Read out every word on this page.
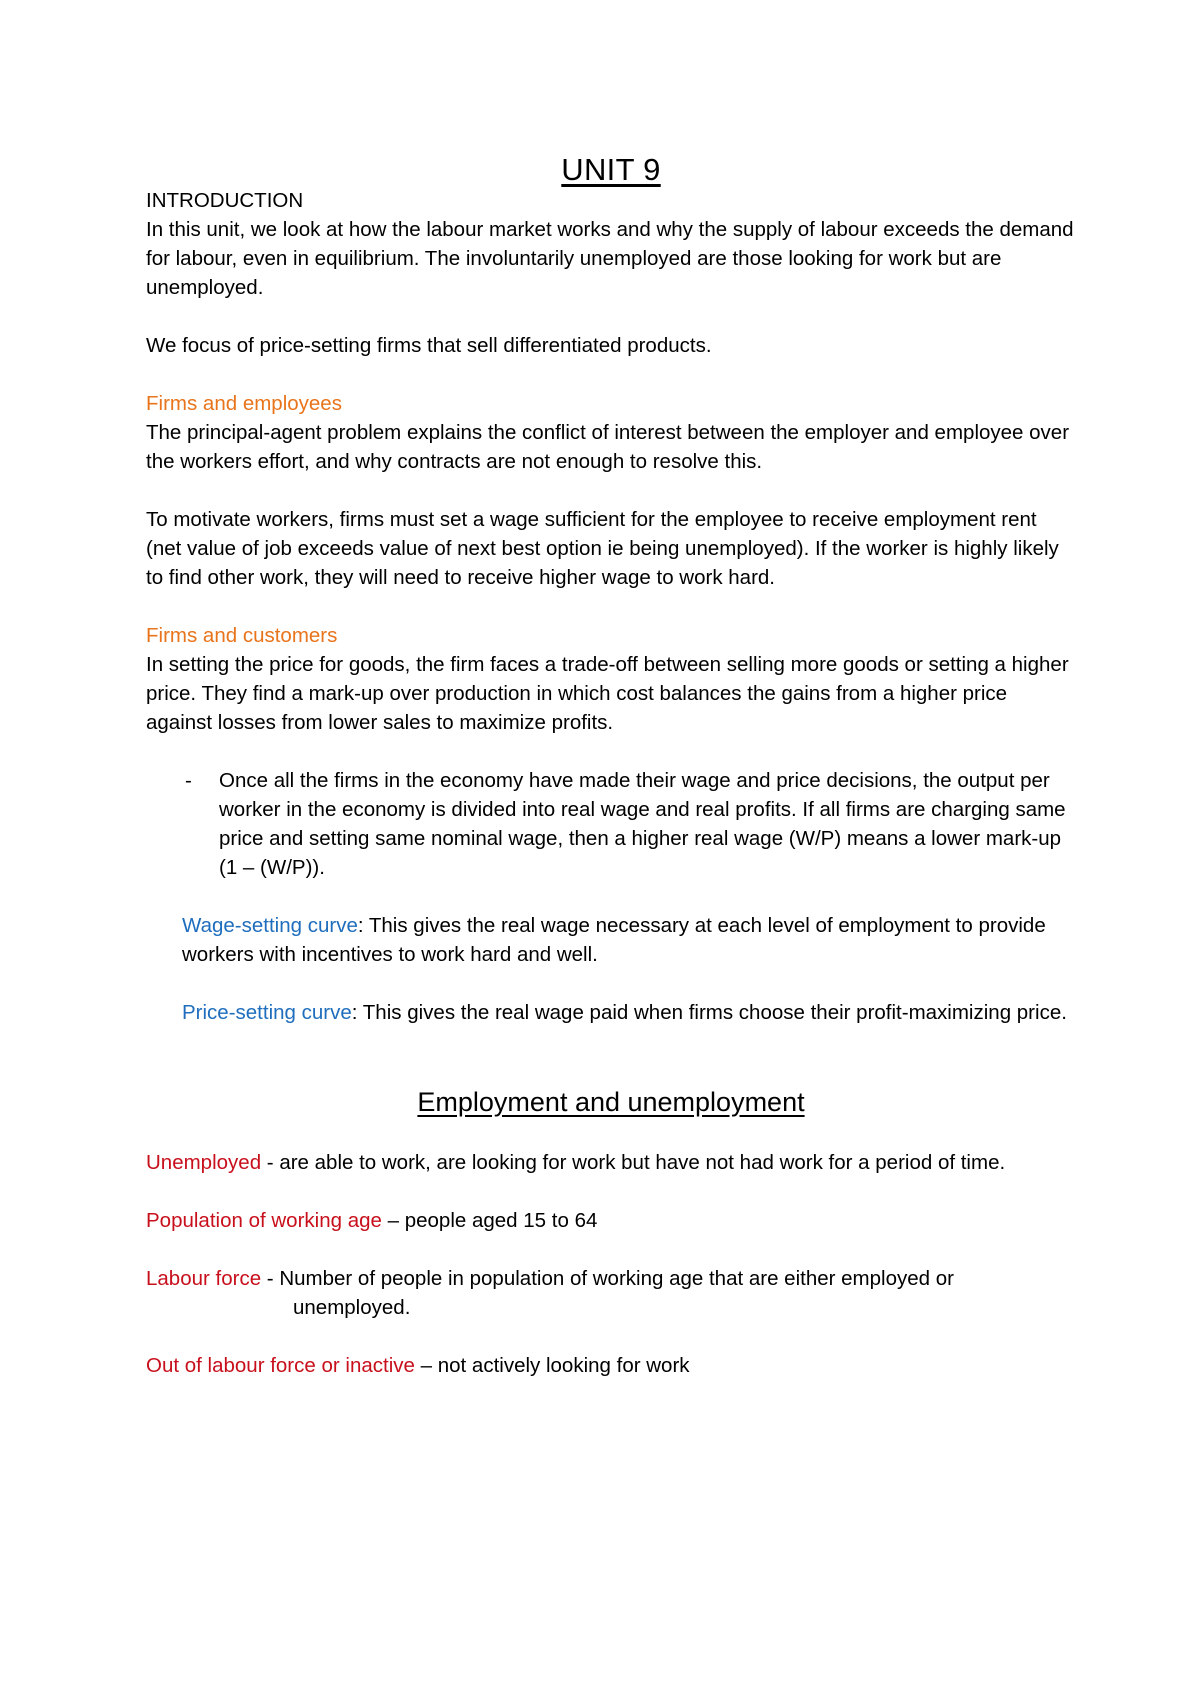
UNIT 9

INTRODUCTION

In this unit, we look at how the labour market works and why the supply of labour exceeds the demand for labour, even in equilibrium. The involuntarily unemployed are those looking for work but are unemployed.

We focus of price-setting firms that sell differentiated products.

Firms and employees

The principal-agent problem explains the conflict of interest between the employer and employee over the workers effort, and why contracts are not enough to resolve this.

To motivate workers, firms must set a wage sufficient for the employee to receive employment rent (net value of job exceeds value of next best option ie being unemployed). If the worker is highly likely to find other work, they will need to receive higher wage to work hard.

Firms and customers

In setting the price for goods, the firm faces a trade-off between selling more goods or setting a higher price. They find a mark-up over production in which cost balances the gains from a higher price against losses from lower sales to maximize profits.

- Once all the firms in the economy have made their wage and price decisions, the output per worker in the economy is divided into real wage and real profits. If all firms are charging same price and setting same nominal wage, then a higher real wage (W/P) means a lower mark-up (1 – (W/P)).

Wage-setting curve: This gives the real wage necessary at each level of employment to provide workers with incentives to work hard and well.

Price-setting curve: This gives the real wage paid when firms choose their profit-maximizing price.

Employment and unemployment

Unemployed - are able to work, are looking for work but have not had work for a period of time.

Population of working age – people aged 15 to 64

Labour force - Number of people in population of working age that are either employed or unemployed.

Out of labour force or inactive – not actively looking for work
